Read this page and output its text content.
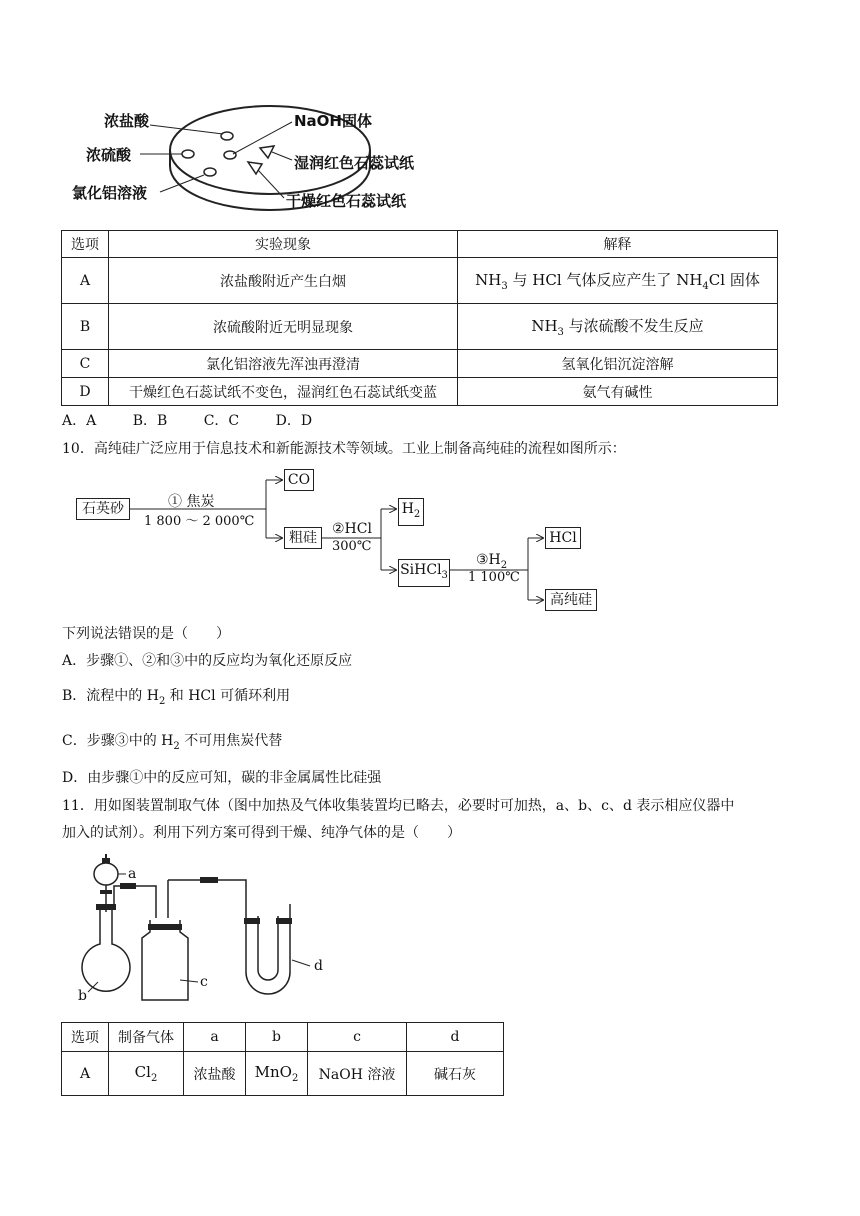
浓盐酸
浓硫酸
氯化铝溶液
NaOH固体
湿润红色石蕊试纸
干燥红色石蕊试纸
选项	实验现象	解释
A	浓盐酸附近产生白烟	$NH_3$ 与 HCl 气体反应产生了 $NH_4Cl$ 固体
B	浓硫酸附近无明显现象	$NH_3$ 与浓硫酸不发生反应
C	氯化铝溶液先浑浊再澄清	氢氧化铝沉淀溶解
D	干燥红色石蕊试纸不变色，湿润红色石蕊试纸变蓝	氨气有碱性
A．A	B．B	C．C	D．D
10．高纯硅广泛应用于信息技术和新能源技术等领域。工业上制备高纯硅的流程如图所示：
石英砂	① 焦炭
1 800 ～ 2 000℃
CO
粗硅
②HCl
300℃
$H_2$
SiHCl$_3$
$③H_2$
1 100℃
HCl
高纯硅
下列说法错误的是（　　）
A．步骤①、②和③中的反应均为氧化还原反应
B．流程中的 $H_2$ 和 HCl 可循环利用
C．步骤③中的 $H_2$ 不可用焦炭代替
D．由步骤①中的反应可知，碳的非金属属性比硅强
11．用如图装置制取气体（图中加热及气体收集装置均已略去，必要时可加热，a、b、c、d 表示相应仪器中
加入的试剂）。利用下列方案可得到干燥、纯净气体的是（　　）
a
b
c
d
选项	制备气体	a	b	c	d
A	$Cl_2$	浓盐酸	MnO$_2$	NaOH 溶液	碱石灰
